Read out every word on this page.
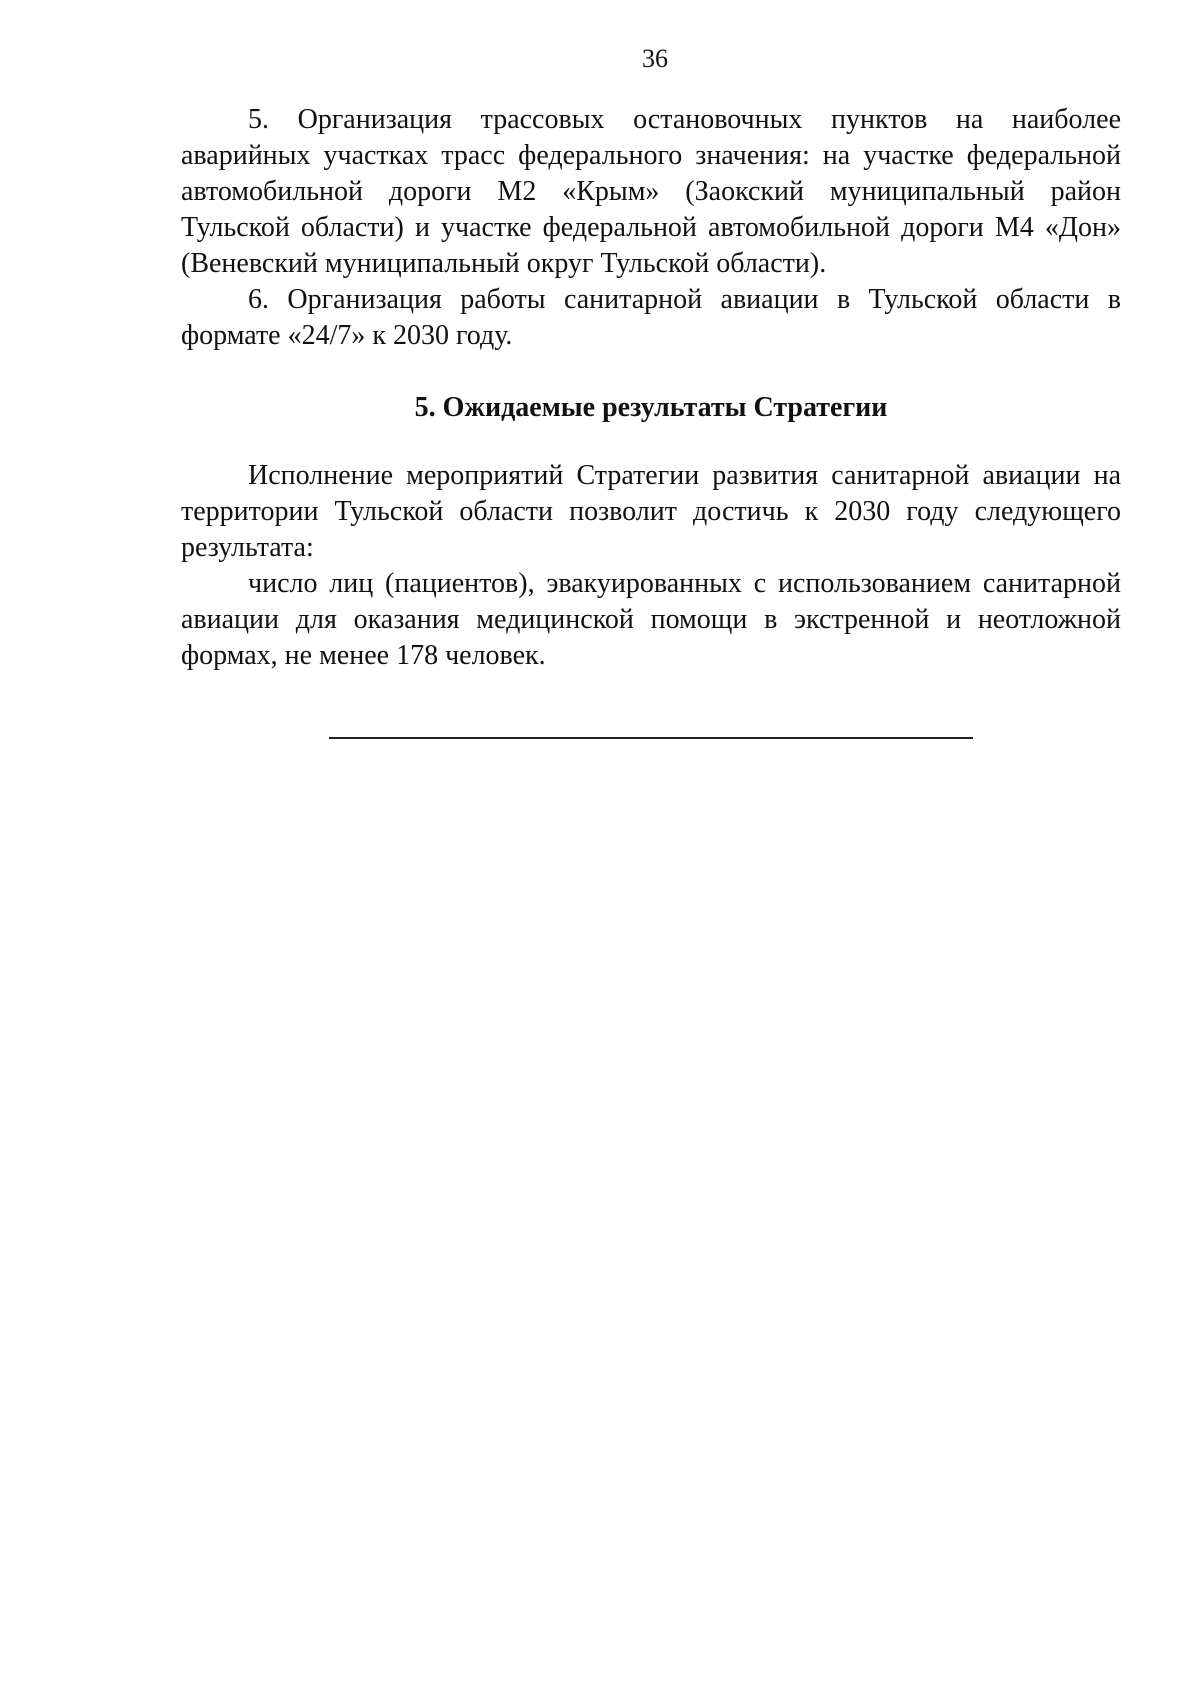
36

5. Организация трассовых остановочных пунктов на наиболее аварийных участках трасс федерального значения: на участке федеральной автомобильной дороги М2 «Крым» (Заокский муниципальный район Тульской области) и участке федеральной автомобильной дороги М4 «Дон» (Веневский муниципальный округ Тульской области).

6. Организация работы санитарной авиации в Тульской области в формате «24/7» к 2030 году.

5. Ожидаемые результаты Стратегии

Исполнение мероприятий Стратегии развития санитарной авиации на территории Тульской области позволит достичь к 2030 году следующего результата:

число лиц (пациентов), эвакуированных с использованием санитарной авиации для оказания медицинской помощи в экстренной и неотложной формах, не менее 178 человек.
